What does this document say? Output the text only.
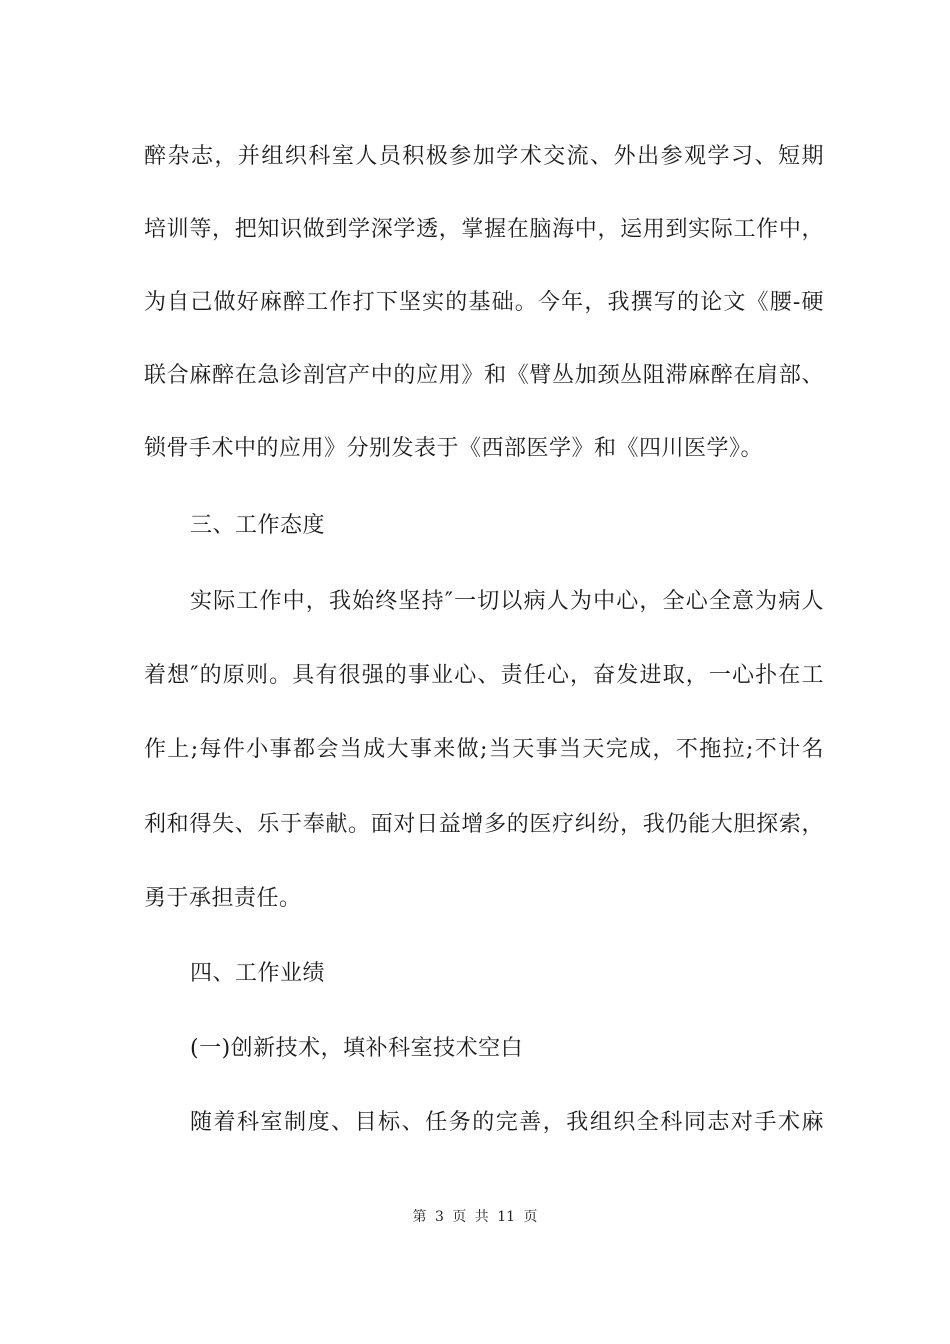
醉杂志，并组织科室人员积极参加学术交流、外出参观学习、短期
培训等，把知识做到学深学透，掌握在脑海中，运用到实际工作中，
为自己做好麻醉工作打下坚实的基础。今年，我撰写的论文《腰-硬
联合麻醉在急诊剖宫产中的应用》和《臂丛加颈丛阻滞麻醉在肩部、
锁骨手术中的应用》分别发表于《西部医学》和《四川医学》。
三、工作态度
实际工作中，我始终坚持″一切以病人为中心，全心全意为病人
着想″的原则。具有很强的事业心、责任心，奋发进取，一心扑在工
作上;每件小事都会当成大事来做;当天事当天完成，不拖拉;不计名
利和得失、乐于奉献。面对日益增多的医疗纠纷，我仍能大胆探索，
勇于承担责任。
四、工作业绩
(一)创新技术，填补科室技术空白
随着科室制度、目标、任务的完善，我组织全科同志对手术麻
第 3 页 共 11 页
